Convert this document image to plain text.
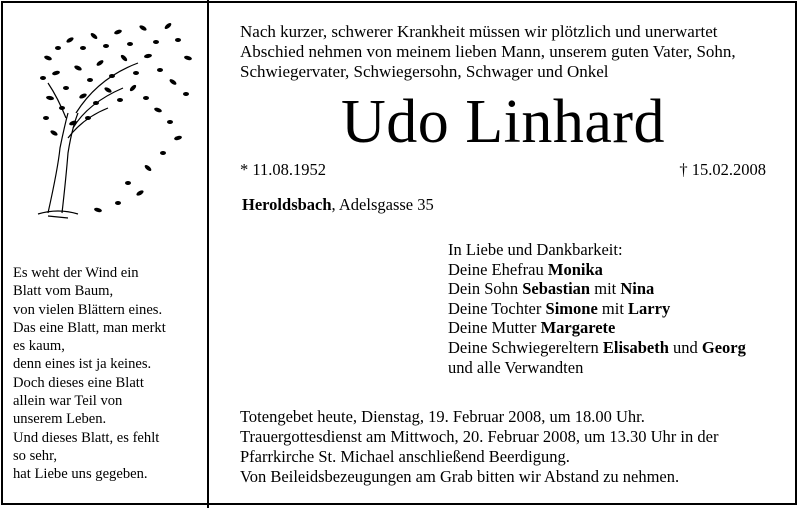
Es weht der Wind ein
Blatt vom Baum,
von vielen Blättern eines.
Das eine Blatt, man merkt
es kaum,
denn eines ist ja keines.
Doch dieses eine Blatt
allein war Teil von
unserem Leben.
Und dieses Blatt, es fehlt
so sehr,
hat Liebe uns gegeben.
Nach kurzer, schwerer Krankheit müssen wir plötzlich und unerwartet
Abschied nehmen von meinem lieben Mann, unserem guten Vater, Sohn,
Schwiegervater, Schwiegersohn, Schwager und Onkel
Udo Linhard
* 11.08.1952	† 15.02.2008
Heroldsbach, Adelsgasse 35
In Liebe und Dankbarkeit:
Deine Ehefrau Monika
Dein Sohn Sebastian mit Nina
Deine Tochter Simone mit Larry
Deine Mutter Margarete
Deine Schwiegereltern Elisabeth und Georg
und alle Verwandten
Totengebet heute, Dienstag, 19. Februar 2008, um 18.00 Uhr.
Trauergottesdienst am Mittwoch, 20. Februar 2008, um 13.30 Uhr in der
Pfarrkirche St. Michael anschließend Beerdigung.
Von Beileidsbezeugungen am Grab bitten wir Abstand zu nehmen.
